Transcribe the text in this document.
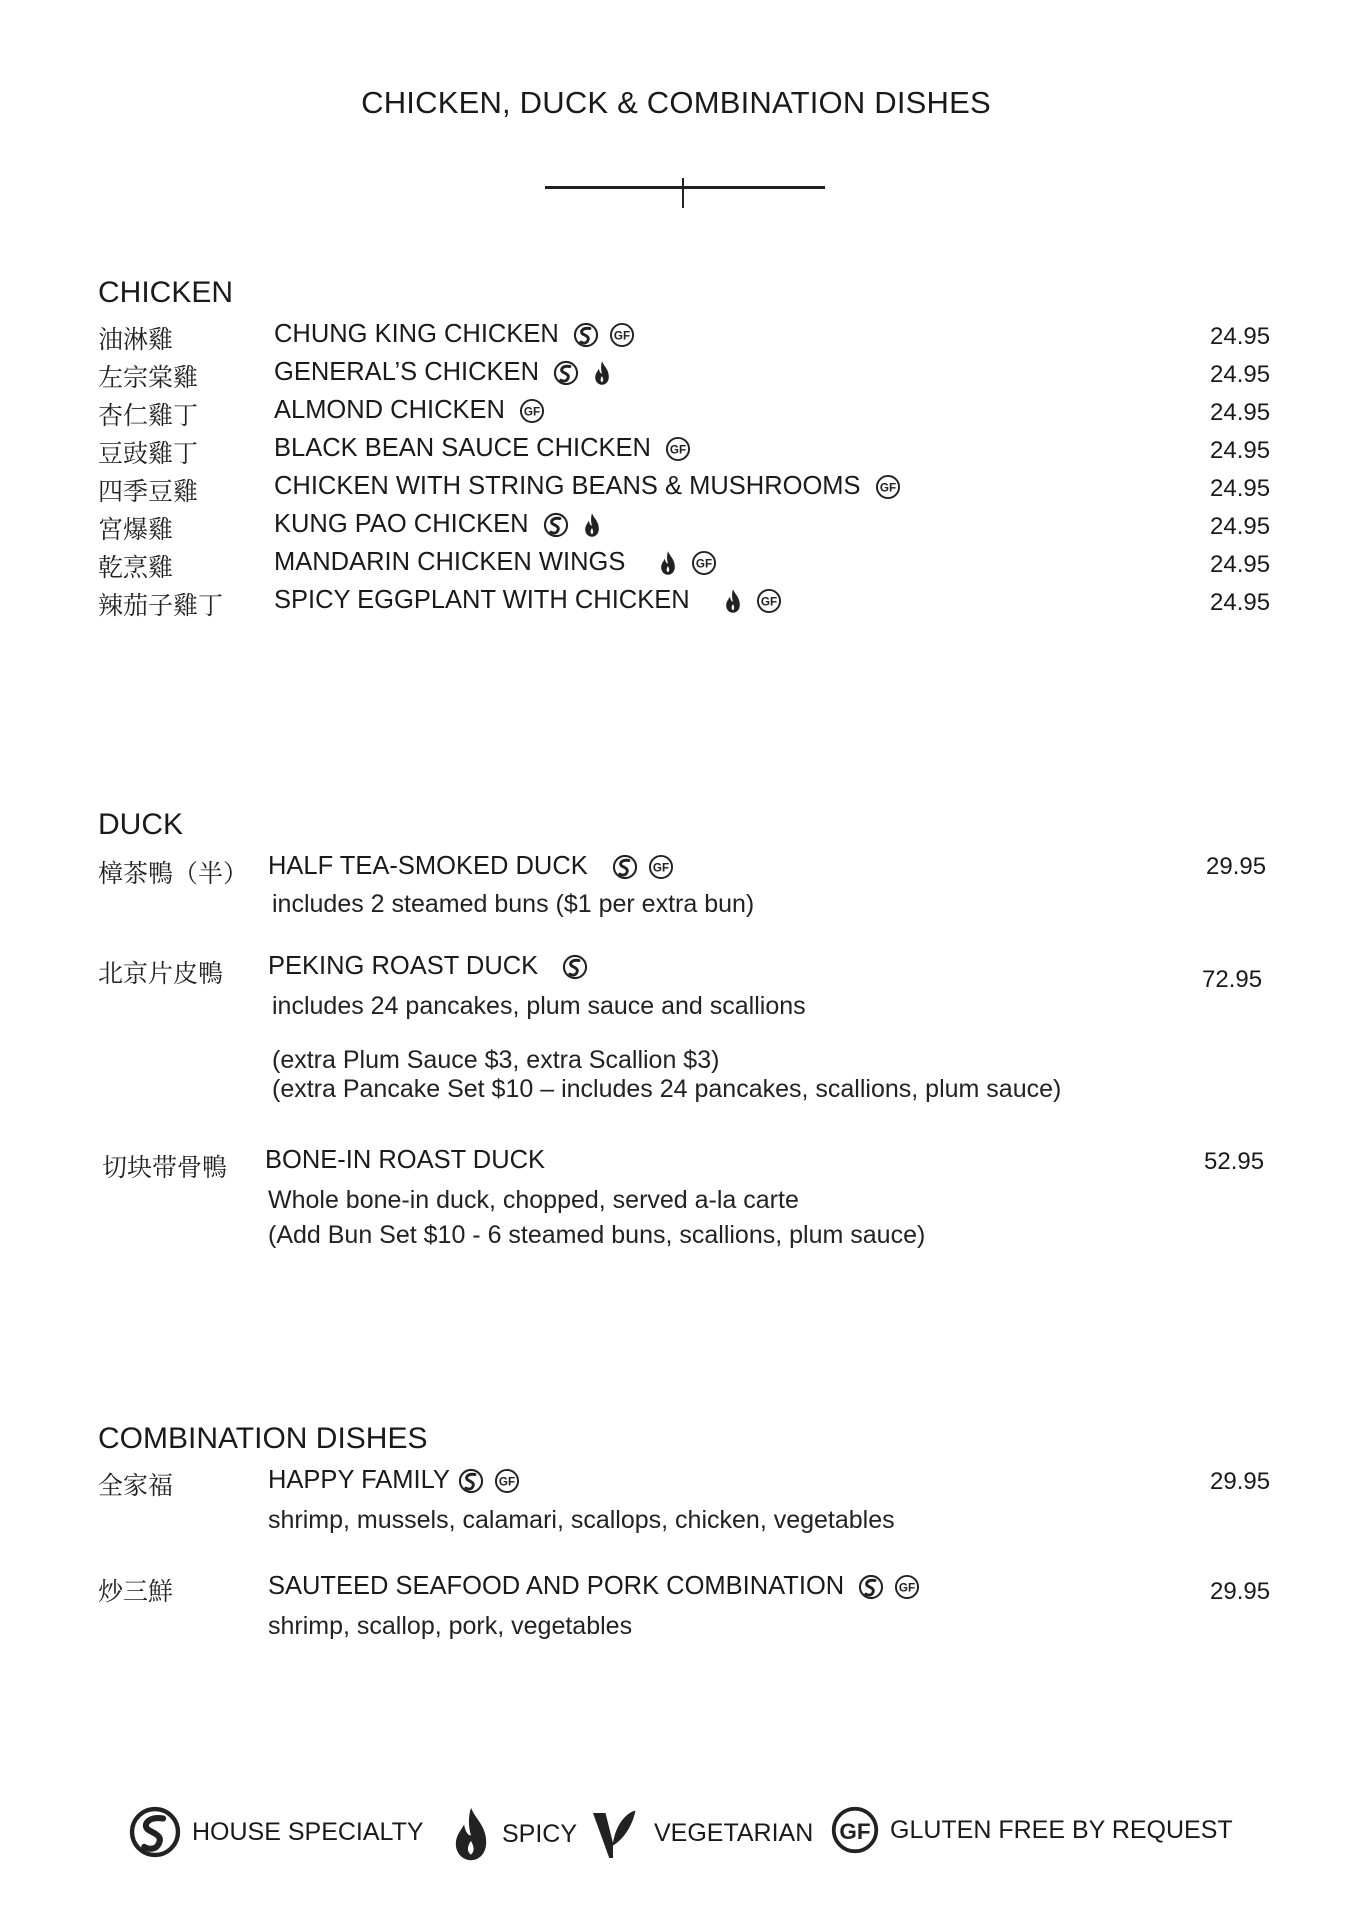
CHICKEN, DUCK & COMBINATION DISHES
CHICKEN
油淋雞	CHUNG KING CHICKEN	GF	24.95
左宗棠雞	GENERAL’S CHICKEN	24.95
杏仁雞丁	ALMOND CHICKEN GF	24.95
豆豉雞丁	BLACK BEAN SAUCE CHICKEN GF	24.95
四季豆雞	CHICKEN WITH STRING BEANS & MUSHROOMS GF	24.95
宮爆雞	KUNG PAO CHICKEN	24.95
乾烹雞	MANDARIN CHICKEN WINGS	GF	24.95
辣茄子雞丁 SPICY EGGPLANT WITH CHICKEN	GF	24.95
DUCK
樟茶鴨（半） HALF TEA-SMOKED DUCK	GF	29.95
includes 2 steamed buns ($1 per extra bun)
北京片皮鴨 PEKING ROAST DUCK	72.95
includes 24 pancakes, plum sauce and scallions
(extra Plum Sauce $3, extra Scallion $3)
(extra Pancake Set $10 – includes 24 pancakes, scallions, plum sauce)
切块带骨鴨 BONE-IN ROAST DUCK	52.95
Whole bone-in duck, chopped, served a-la carte
(Add Bun Set $10 - 6 steamed buns, scallions, plum sauce)
COMBINATION DISHES
全家福	HAPPY FAMILY	GF	29.95
shrimp, mussels, calamari, scallops, chicken, vegetables
炒三鮮	SAUTEED SEAFOOD AND PORK COMBINATION	GF	29.95
shrimp, scallop, pork, vegetables
HOUSE SPECIALTY	SPICY	VEGETARIAN GF GLUTEN FREE BY REQUEST
